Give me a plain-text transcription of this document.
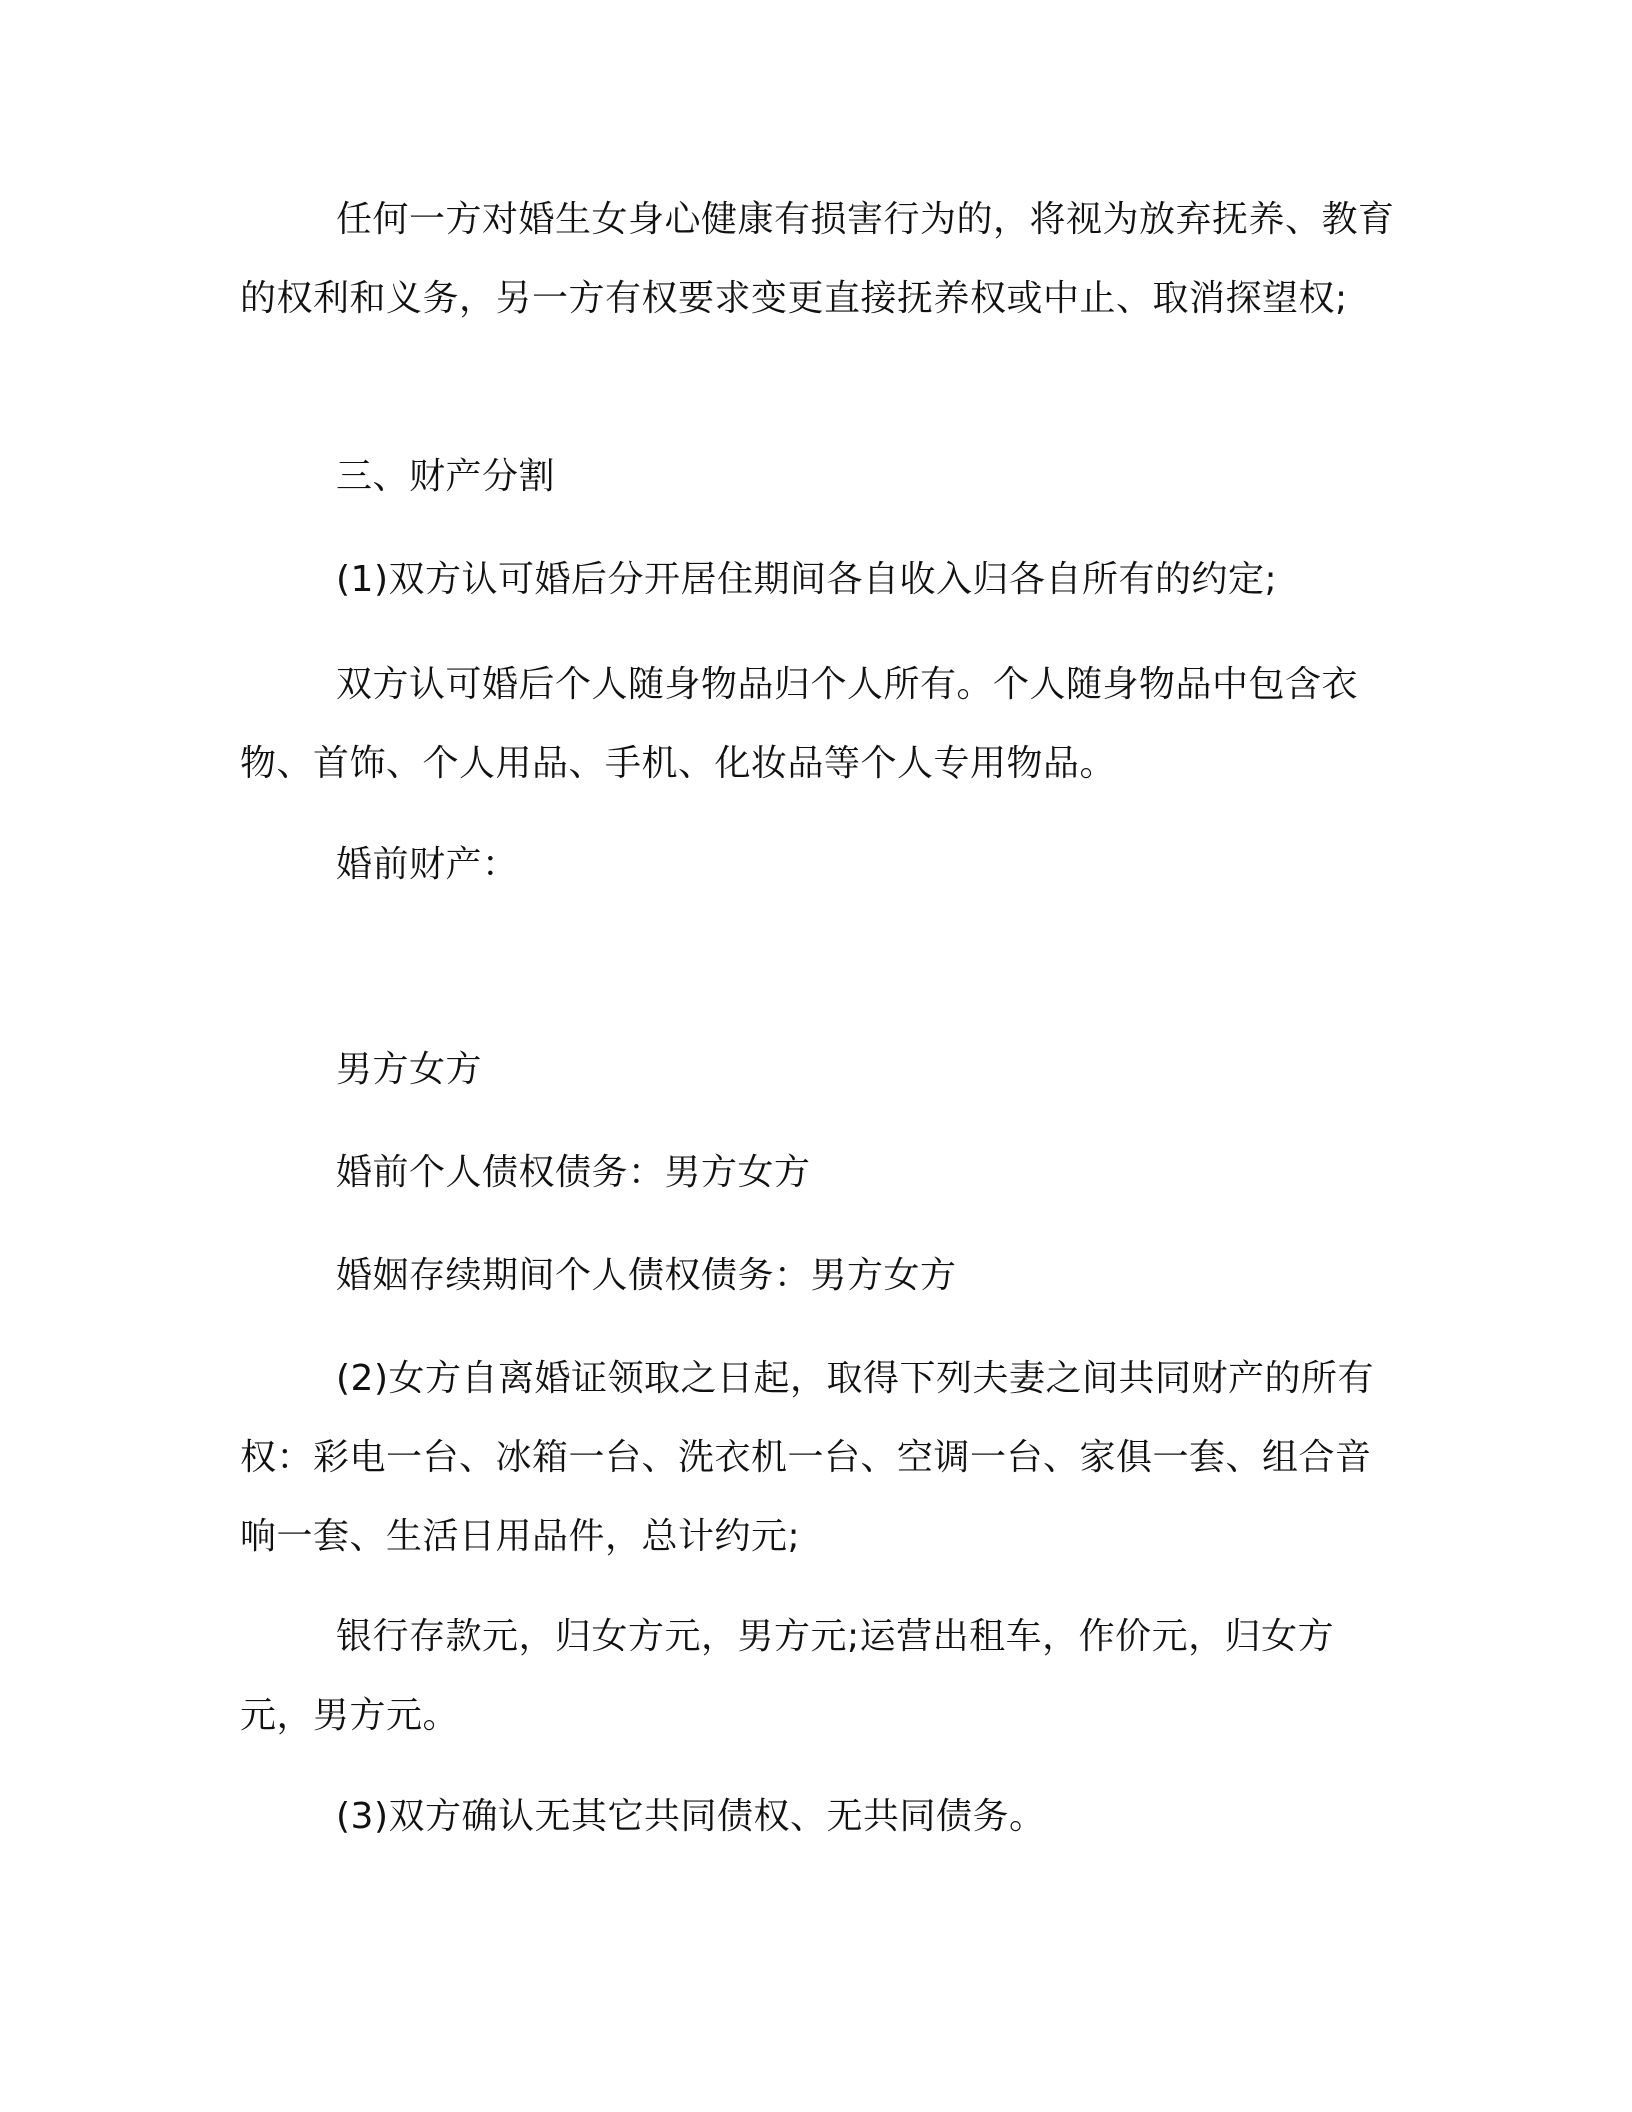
任何一方对婚生女身心健康有损害行为的，将视为放弃抚养、教育的权利和义务，另一方有权要求变更直接抚养权或中止、取消探望权;

三、财产分割

(1)双方认可婚后分开居住期间各自收入归各自所有的约定;

双方认可婚后个人随身物品归个人所有。个人随身物品中包含衣物、首饰、个人用品、手机、化妆品等个人专用物品。

婚前财产：

男方女方

婚前个人债权债务：男方女方

婚姻存续期间个人债权债务：男方女方

(2)女方自离婚证领取之日起，取得下列夫妻之间共同财产的所有权：彩电一台、冰箱一台、洗衣机一台、空调一台、家俱一套、组合音响一套、生活日用品件，总计约元;

银行存款元，归女方元，男方元;运营出租车，作价元，归女方元，男方元。

(3)双方确认无其它共同债权、无共同债务。
